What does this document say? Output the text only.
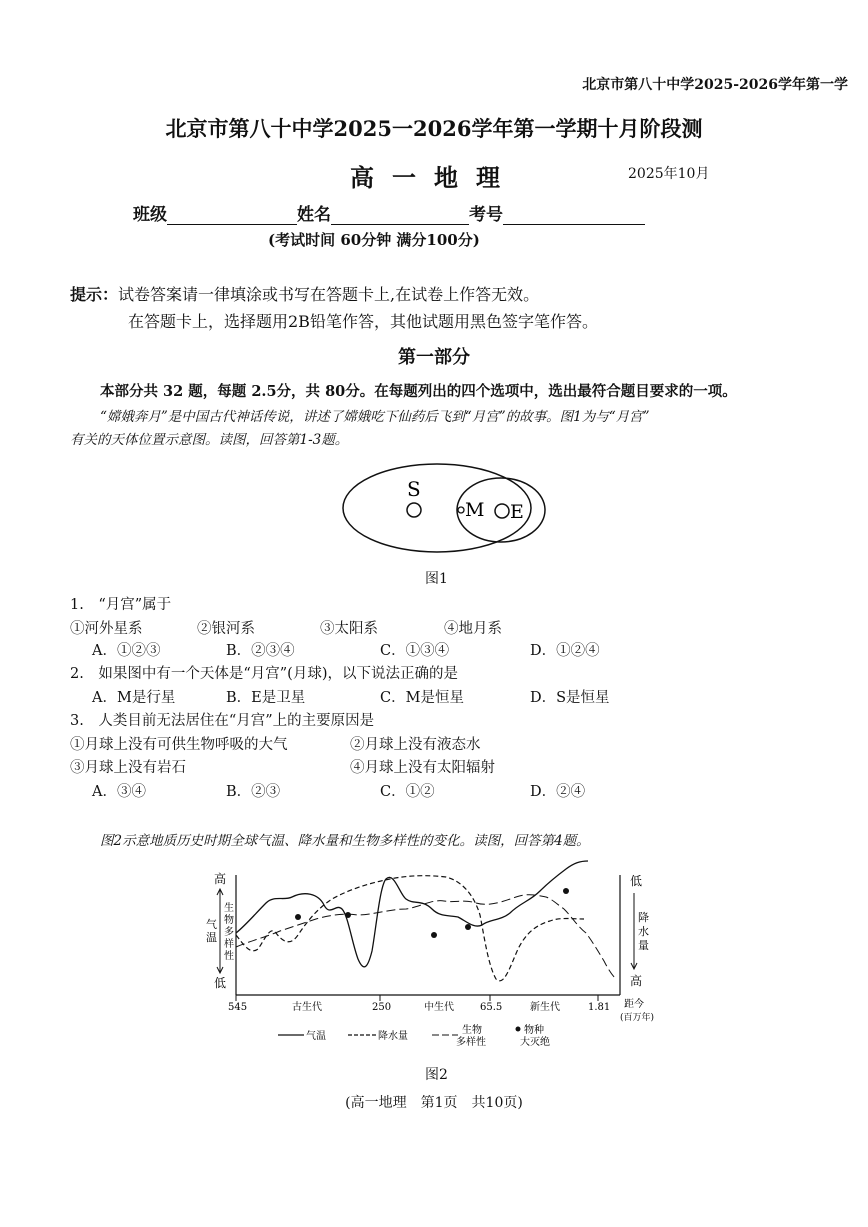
北京市第八十中学2025-2026学年第一学
北京市第八十中学2025一2026学年第一学期十月阶段测
高一地理	2025年10月
班级	姓名	考号
(考试时间 60分钟 满分100分)
提示：试卷答案请一律填涂或书写在答题卡上,在试卷上作答无效。
在答题卡上，选择题用2B铅笔作答，其他试题用黑色签字笔作答。
第一部分
本部分共 32 题，每题 2.5分，共 80分。在每题列出的四个选项中，选出最符合题目要求的一项。
“嫦娥奔月”是中国古代神话传说，讲述了嫦娥吃下仙药后飞到“月宫”的故事。图1为与“月宫”
有关的天体位置示意图。读图，回答第1-3题。
S
M E
图1
1.　“月宫”属于
①河外星系	②银河系	③太阳系	④地月系
A．①②③	B．②③④	C．①③④	D．①②④
2.　如果图中有一个天体是“月宫”(月球)，以下说法正确的是
A．M是行星	B．E是卫星	C．M是恒星	D．S是恒星
3.　人类目前无法居住在“月宫”上的主要原因是
①月球上没有可供生物呼吸的大气	②月球上没有液态水
③月球上没有岩石	④月球上没有太阳辐射
A．③④	B．②③	C．①②	D．②④
图2示意地质历史时期全球气温、降水量和生物多样性的变化。读图，回答第4题。
高
低
气
温
生
物
多
样
性
低
高
降
水
量
545	古生代	250	中生代	65.5	新生代	1.81 距今
(百万年)
气温	降水量
生物
多样性
物种
大灭绝
图2
(高一地理　第1页　共10页)
